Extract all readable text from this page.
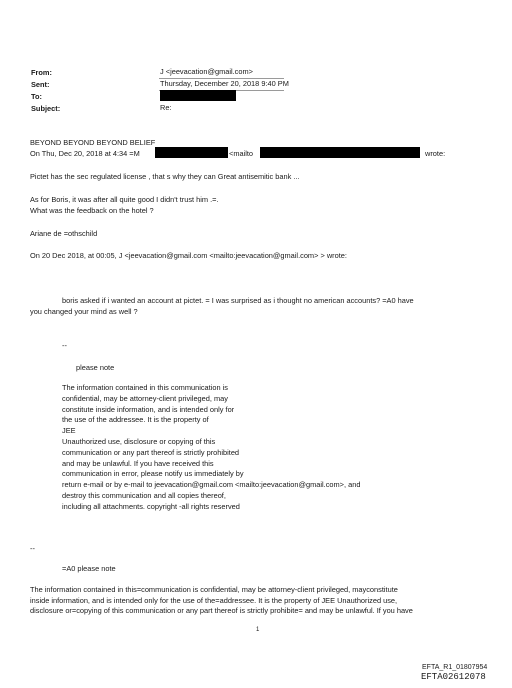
From:	J <jeevacation@gmail.com>
Sent:	Thursday, December 20, 2018 9:40 PM
To:
Subject:	Re:
BEYOND BEYOND BEYOND BELIEF
On Thu, Dec 20, 2018 at 4:34 =M	<mailto	wrote:
Pictet has the sec regulated license , that s why they can Great antisemitic bank ...
As for Boris, it was after all quite good I didn't trust him .=.
What was the feedback on the hotel ?
Ariane de =othschild
On 20 Dec 2018, at 00:05, J <jeevacation@gmail.com <mailto:jeevacation@gmail.com> > wrote:
boris asked if i wanted an account at pictet. = I was surprised as i thought no american accounts? =A0 have
you changed your mind as well ?
--
please note
The information contained in this communication is
confidential, may be attorney-client privileged, may
constitute inside information, and is intended only for
the use of the addressee. It is the property of
JEE
Unauthorized use, disclosure or copying of this
communication or any part thereof is strictly prohibited
and may be unlawful. If you have received this
communication in error, please notify us immediately by
return e-mail or by e-mail to jeevacation@gmail.com <mailto:jeevacation@gmail.com>, and
destroy this communication and all copies thereof,
including all attachments. copyright -all rights reserved
--
=A0 please note
The information contained in this=communication is confidential, may be attorney-client privileged, mayconstitute
inside information, and is intended only for the use of the=addressee. It is the property of JEE Unauthorized use,
disclosure or=copying of this communication or any part thereof is strictly prohibite= and may be unlawful. If you have
1
EFTA_R1_01807954
EFTA02612078
